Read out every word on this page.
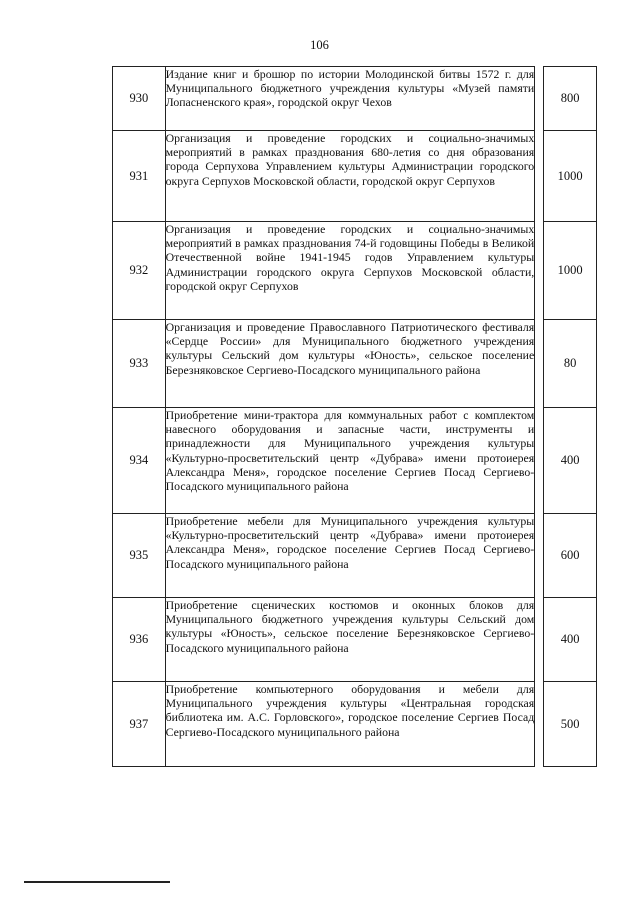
106
930	Издание книг и брошюр по истории Молодинской битвы 1572 г. для Муниципального бюджетного учреждения культуры «Музей памяти Лопасненского края», городской округ Чехов		800
931	Организация и проведение городских и социально-значимых мероприятий в рамках празднования 680-летия со дня образования города Серпухова Управлением культуры Администрации городского округа Серпухов Московской области, городской округ Серпухов		1000
932	Организация и проведение городских и социально-значимых мероприятий в рамках празднования 74-й годовщины Победы в Великой Отечественной войне 1941-1945 годов Управлением культуры Администрации городского округа Серпухов Московской области, городской округ Серпухов		1000
933	Организация и проведение Православного Патриотического фестиваля «Сердце России» для Муниципального бюджетного учреждения культуры Сельский дом культуры «Юность», сельское поселение Березняковское Сергиево-Посадского муниципального района		80
934	Приобретение мини-трактора для коммунальных работ с комплектом навесного оборудования и запасные части, инструменты и принадлежности для Муниципального учреждения культуры «Культурно-просветительский центр «Дубрава» имени протоиерея Александра Меня», городское поселение Сергиев Посад Сергиево-Посадского муниципального района		400
935	Приобретение мебели для Муниципального учреждения культуры «Культурно-просветительский центр «Дубрава» имени протоиерея Александра Меня», городское поселение Сергиев Посад Сергиево-Посадского муниципального района		600
936	Приобретение сценических костюмов и оконных блоков для Муниципального бюджетного учреждения культуры Сельский дом культуры «Юность», сельское поселение Березняковское Сергиево-Посадского муниципального района		400
937	Приобретение компьютерного оборудования и мебели для Муниципального учреждения культуры «Центральная городская библиотека им. А.С. Горловского», городское поселение Сергиев Посад Сергиево-Посадского муниципального района		500
